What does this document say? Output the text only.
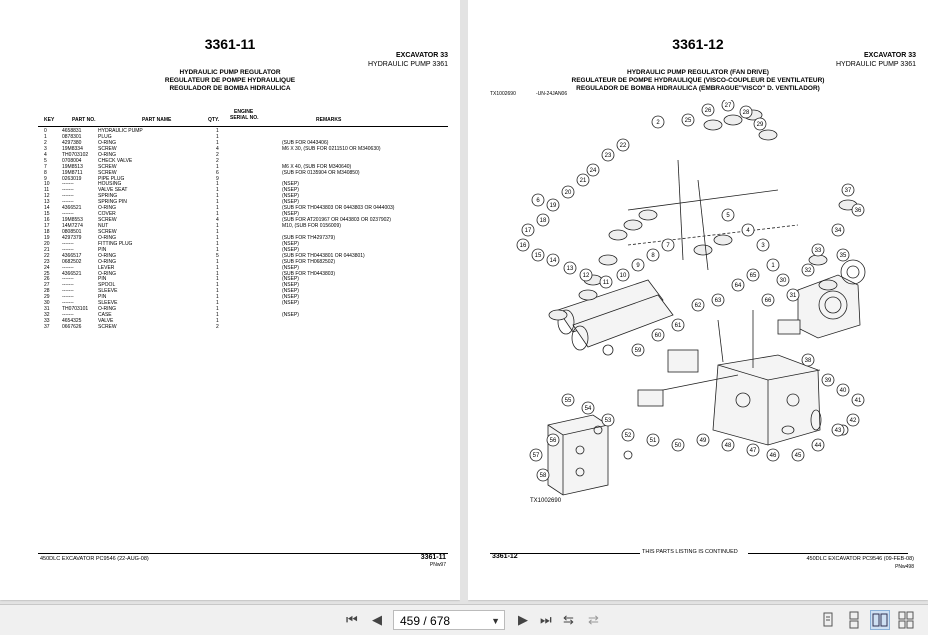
3361-11
EXCAVATOR 33
HYDRAULIC PUMP 3361
HYDRAULIC PUMP REGULATOR
REGULATEUR DE POMPE HYDRAULIQUE
REGULADOR DE BOMBA HIDRAULICA
KEY	PART NO.	PART NAME	QTY.
ENGINE
SERIAL NO.	REMARKS
0	4658831	HYDRAULIC PUMP	1
1	0878301	PLUG	1
2	4297380	O-RING	1	(SUB FOR 0443406)
3	19M8334	SCREW	4	M6 X 30, (SUB FOR 0211510 OR M340630)
4	TH0703102 O-RING	2
5	0708004	CHECK VALVE	2
7	19M8513	SCREW	1	M6 X 40, (SUB FOR M340640)
8	19M8711	SCREW	6	(SUB FOR 0135904 OR M340850)
9	0263019	PIPE PLUG	9
10 -------	HOUSING	1	(NSEP)
11	-------	VALVE SEAT	1	(NSEP)
12 -------	SPRING	1	(NSEP)
13 -------	SPRING PIN	1	(NSEP)
14 4366521	O-RING	1	(SUB FOR TH0443803 OR 0443803 OR 0444003)
15 -------	COVER	1	(NSEP)
16 19M8553	SCREW	4	(SUB FOR AT201967 OR 0443803 OR 0237902)
17 14M7274	NUT	1	M10, (SUB FOR 0156009)
18 0808501	SCREW	1
19 4297379	O-RING	1	(SUB FOR TH4297379)
20 -------	FITTING PLUG	1	(NSEP)
21 -------	PIN	1	(NSEP)
22 4366517	O-RING	5	(SUB FOR TH0443801 OR 0443801)
23 0682502	O-RING	1	(SUB FOR TH0682502)
24 -------	LEVER	1	(NSEP)
25 4366521	O-RING	1	(SUB FOR TH0443803)
26 -------	PIN	1	(NSEP)
27 -------	SPOOL	1	(NSEP)
28 -------	SLEEVE	1	(NSEP)
29 -------	PIN	1	(NSEP)
30 -------	SLEEVE	1	(NSEP)
31 TH0703101 O-RING	1
32 -------	CASE	1	(NSEP)
33 4654325	VALVE	1
37 0667626	SCREW	2
450DLC EXCAVATOR PC9546 (22-AUG-08)	3361-11
PNw97
3361-12
EXCAVATOR 33
HYDRAULIC PUMP 3361
HYDRAULIC PUMP REGULATOR (FAN DRIVE)
REGULATEUR DE POMPE HYDRAULIQUE (VISCO-COUPLEUR DE VENTILATEUR)
REGULADOR DE BOMBA HIDRAULICA (EMBRAGUE"VISCO" D. VENTILADOR)
TX1002690	-UN-24JAN06
25
26
27
28
29
2
22
23
24
21
20
19
6
18
17
16
15
14
13
12
11
10
9
8
7
5
4
3
1
30
31
32
33
34
35
36
37
38
39
40
41
42
43
44
45
46
47
48
49
50
51
52
53
54
55
56
57
58
59
60
61
62
63
64
65
66
TX1002690
3361-12
THIS PARTS LISTING IS CONTINUED
450DLC EXCAVATOR PC9546 (09-FEB-08)
PNw498
⏮ ◀ 459 / 678	▼ ▶ ⏭ ⇆ ⇄
